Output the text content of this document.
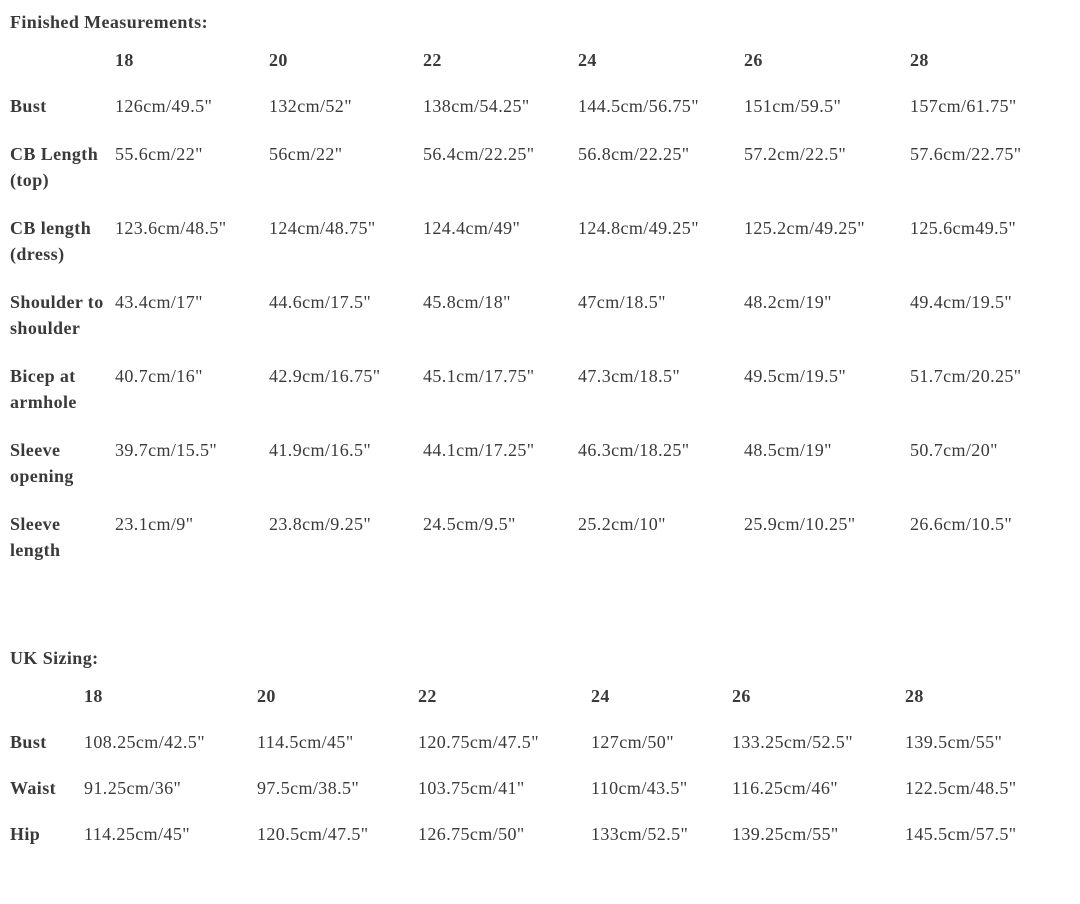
Finished Measurements:
	18	20	22	24	26	28
Bust	126cm/49.5"	132cm/52"	138cm/54.25"	144.5cm/56.75"	151cm/59.5"	157cm/61.75"
CB Length (top)	55.6cm/22"	56cm/22"	56.4cm/22.25"	56.8cm/22.25"	57.2cm/22.5"	57.6cm/22.75"
CB length (dress)	123.6cm/48.5"	124cm/48.75"	124.4cm/49"	124.8cm/49.25"	125.2cm/49.25"	125.6cm49.5"
Shoulder to shoulder	43.4cm/17"	44.6cm/17.5"	45.8cm/18"	47cm/18.5"	48.2cm/19"	49.4cm/19.5"
Bicep at armhole	40.7cm/16"	42.9cm/16.75"	45.1cm/17.75"	47.3cm/18.5"	49.5cm/19.5"	51.7cm/20.25"
Sleeve opening	39.7cm/15.5"	41.9cm/16.5"	44.1cm/17.25"	46.3cm/18.25"	48.5cm/19"	50.7cm/20"
Sleeve length	23.1cm/9"	23.8cm/9.25"	24.5cm/9.5"	25.2cm/10"	25.9cm/10.25"	26.6cm/10.5"
UK Sizing:
	18	20	22	24	26	28
Bust	108.25cm/42.5"	114.5cm/45"	120.75cm/47.5"	127cm/50"	133.25cm/52.5"	139.5cm/55"
Waist	91.25cm/36"	97.5cm/38.5"	103.75cm/41"	110cm/43.5"	116.25cm/46"	122.5cm/48.5"
Hip	114.25cm/45"	120.5cm/47.5"	126.75cm/50"	133cm/52.5"	139.25cm/55"	145.5cm/57.5"
